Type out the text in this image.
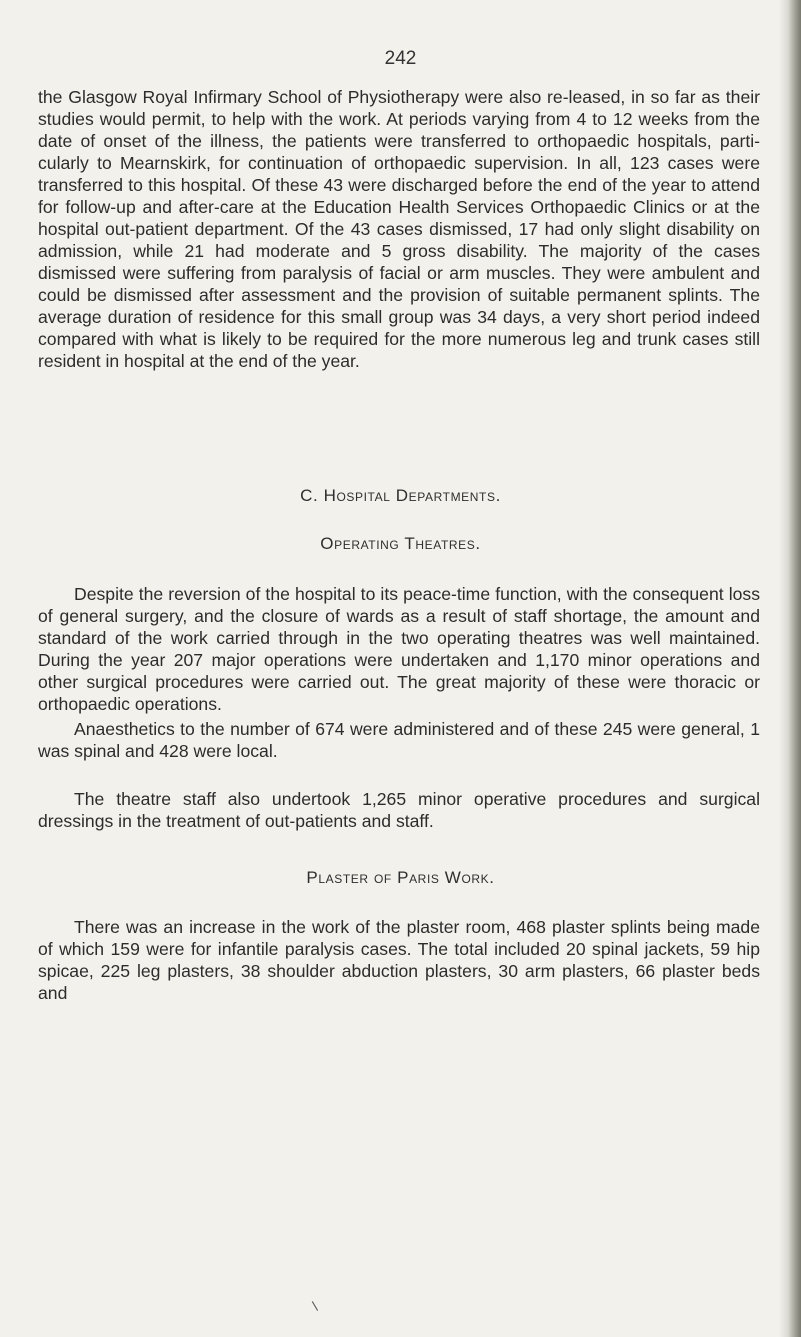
242
the Glasgow Royal Infirmary School of Physiotherapy were also re-leased, in so far as their studies would permit, to help with the work. At periods varying from 4 to 12 weeks from the date of onset of the illness, the patients were transferred to orthopaedic hospitals, parti-cularly to Mearnskirk, for continuation of orthopaedic supervision. In all, 123 cases were transferred to this hospital. Of these 43 were discharged before the end of the year to attend for follow-up and after-care at the Education Health Services Orthopaedic Clinics or at the hospital out-patient department. Of the 43 cases dismissed, 17 had only slight disability on admission, while 21 had moderate and 5 gross disability. The majority of the cases dismissed were suffering from paralysis of facial or arm muscles. They were ambulent and could be dismissed after assessment and the provision of suitable permanent splints. The average duration of residence for this small group was 34 days, a very short period indeed compared with what is likely to be required for the more numerous leg and trunk cases still resident in hospital at the end of the year.
C. Hospital Departments.
Operating Theatres.
Despite the reversion of the hospital to its peace-time function, with the consequent loss of general surgery, and the closure of wards as a result of staff shortage, the amount and standard of the work carried through in the two operating theatres was well maintained. During the year 207 major operations were undertaken and 1,170 minor operations and other surgical procedures were carried out. The great majority of these were thoracic or orthopaedic operations.
Anaesthetics to the number of 674 were administered and of these 245 were general, 1 was spinal and 428 were local.
The theatre staff also undertook 1,265 minor operative procedures and surgical dressings in the treatment of out-patients and staff.
Plaster of Paris Work.
There was an increase in the work of the plaster room, 468 plaster splints being made of which 159 were for infantile paralysis cases. The total included 20 spinal jackets, 59 hip spicae, 225 leg plasters, 38 shoulder abduction plasters, 30 arm plasters, 66 plaster beds and
\
